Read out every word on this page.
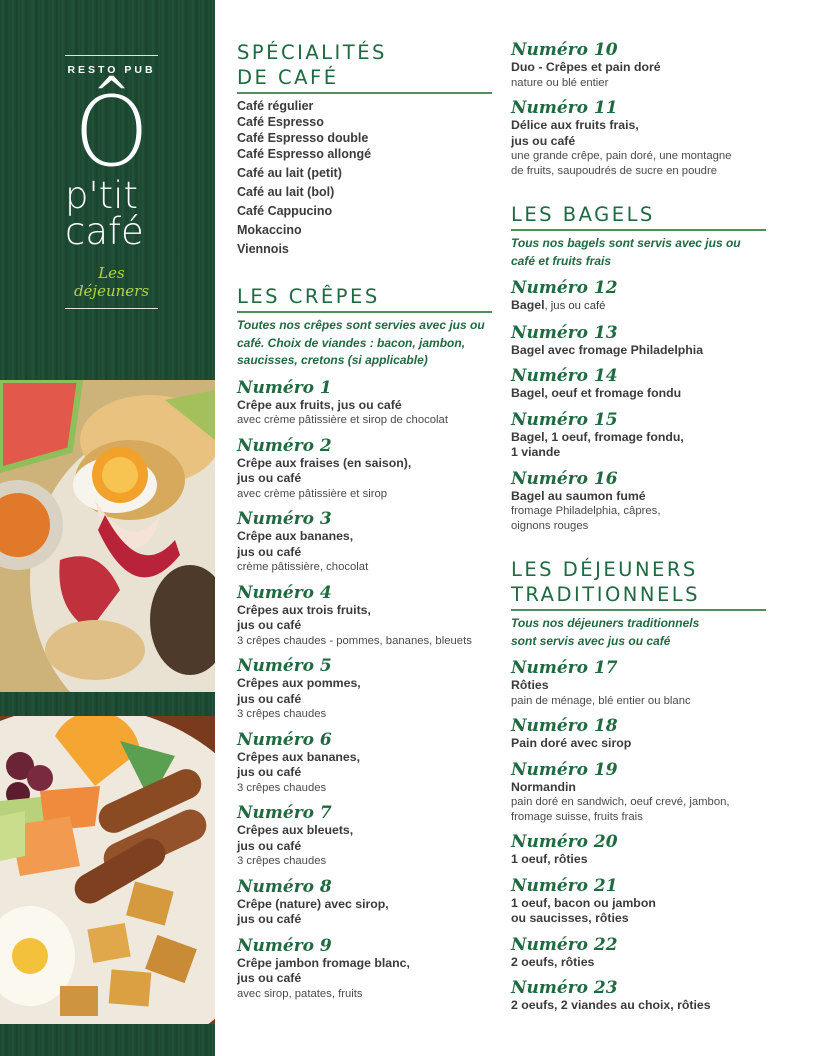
RESTO PUB
Ô
p'tit
café
Les déjeuners
SPÉCIALITÉS
DE CAFÉ
Café régulier
Café Espresso
Café Espresso double
Café Espresso allongé
Café au lait (petit)
Café au lait (bol)
Café Cappucino
Mokaccino
Viennois
LES CRÊPES
Toutes nos crêpes sont servies avec jus ou café. Choix de viandes : bacon, jambon, saucisses, cretons (si applicable)
Numéro 1
Crêpe aux fruits, jus ou café
avec crème pâtissière et sirop de chocolat
Numéro 2
Crêpe aux fraises (en saison),
jus ou café
avec crème pâtissière et sirop
Numéro 3
Crêpe aux bananes,
jus ou café
crème pâtissière, chocolat
Numéro 4
Crêpes aux trois fruits,
jus ou café
3 crêpes chaudes - pommes, bananes, bleuets
Numéro 5
Crêpes aux pommes,
jus ou café
3 crêpes chaudes
Numéro 6
Crêpes aux bananes,
jus ou café
3 crêpes chaudes
Numéro 7
Crêpes aux bleuets,
jus ou café
3 crêpes chaudes
Numéro 8
Crêpe (nature) avec sirop,
jus ou café
Numéro 9
Crêpe jambon fromage blanc,
jus ou café
avec sirop, patates, fruits
Numéro 10
Duo - Crêpes et pain doré
nature ou blé entier
Numéro 11
Délice aux fruits frais,
jus ou café
une grande crêpe, pain doré, une montagne
de fruits, saupoudrés de sucre en poudre
LES BAGELS
Tous nos bagels sont servis avec jus ou café et fruits frais
Numéro 12
Bagel, jus ou café
Numéro 13
Bagel avec fromage Philadelphia
Numéro 14
Bagel, oeuf et fromage fondu
Numéro 15
Bagel, 1 oeuf, fromage fondu,
1 viande
Numéro 16
Bagel au saumon fumé
fromage Philadelphia, câpres,
oignons rouges
LES DÉJEUNERS
TRADITIONNELS
Tous nos déjeuners traditionnels
sont servis avec jus ou café
Numéro 17
Rôties
pain de ménage, blé entier ou blanc
Numéro 18
Pain doré avec sirop
Numéro 19
Normandin
pain doré en sandwich, oeuf crevé, jambon,
fromage suisse, fruits frais
Numéro 20
1 oeuf, rôties
Numéro 21
1 oeuf, bacon ou jambon
ou saucisses, rôties
Numéro 22
2 oeufs, rôties
Numéro 23
2 oeufs, 2 viandes au choix, rôties
